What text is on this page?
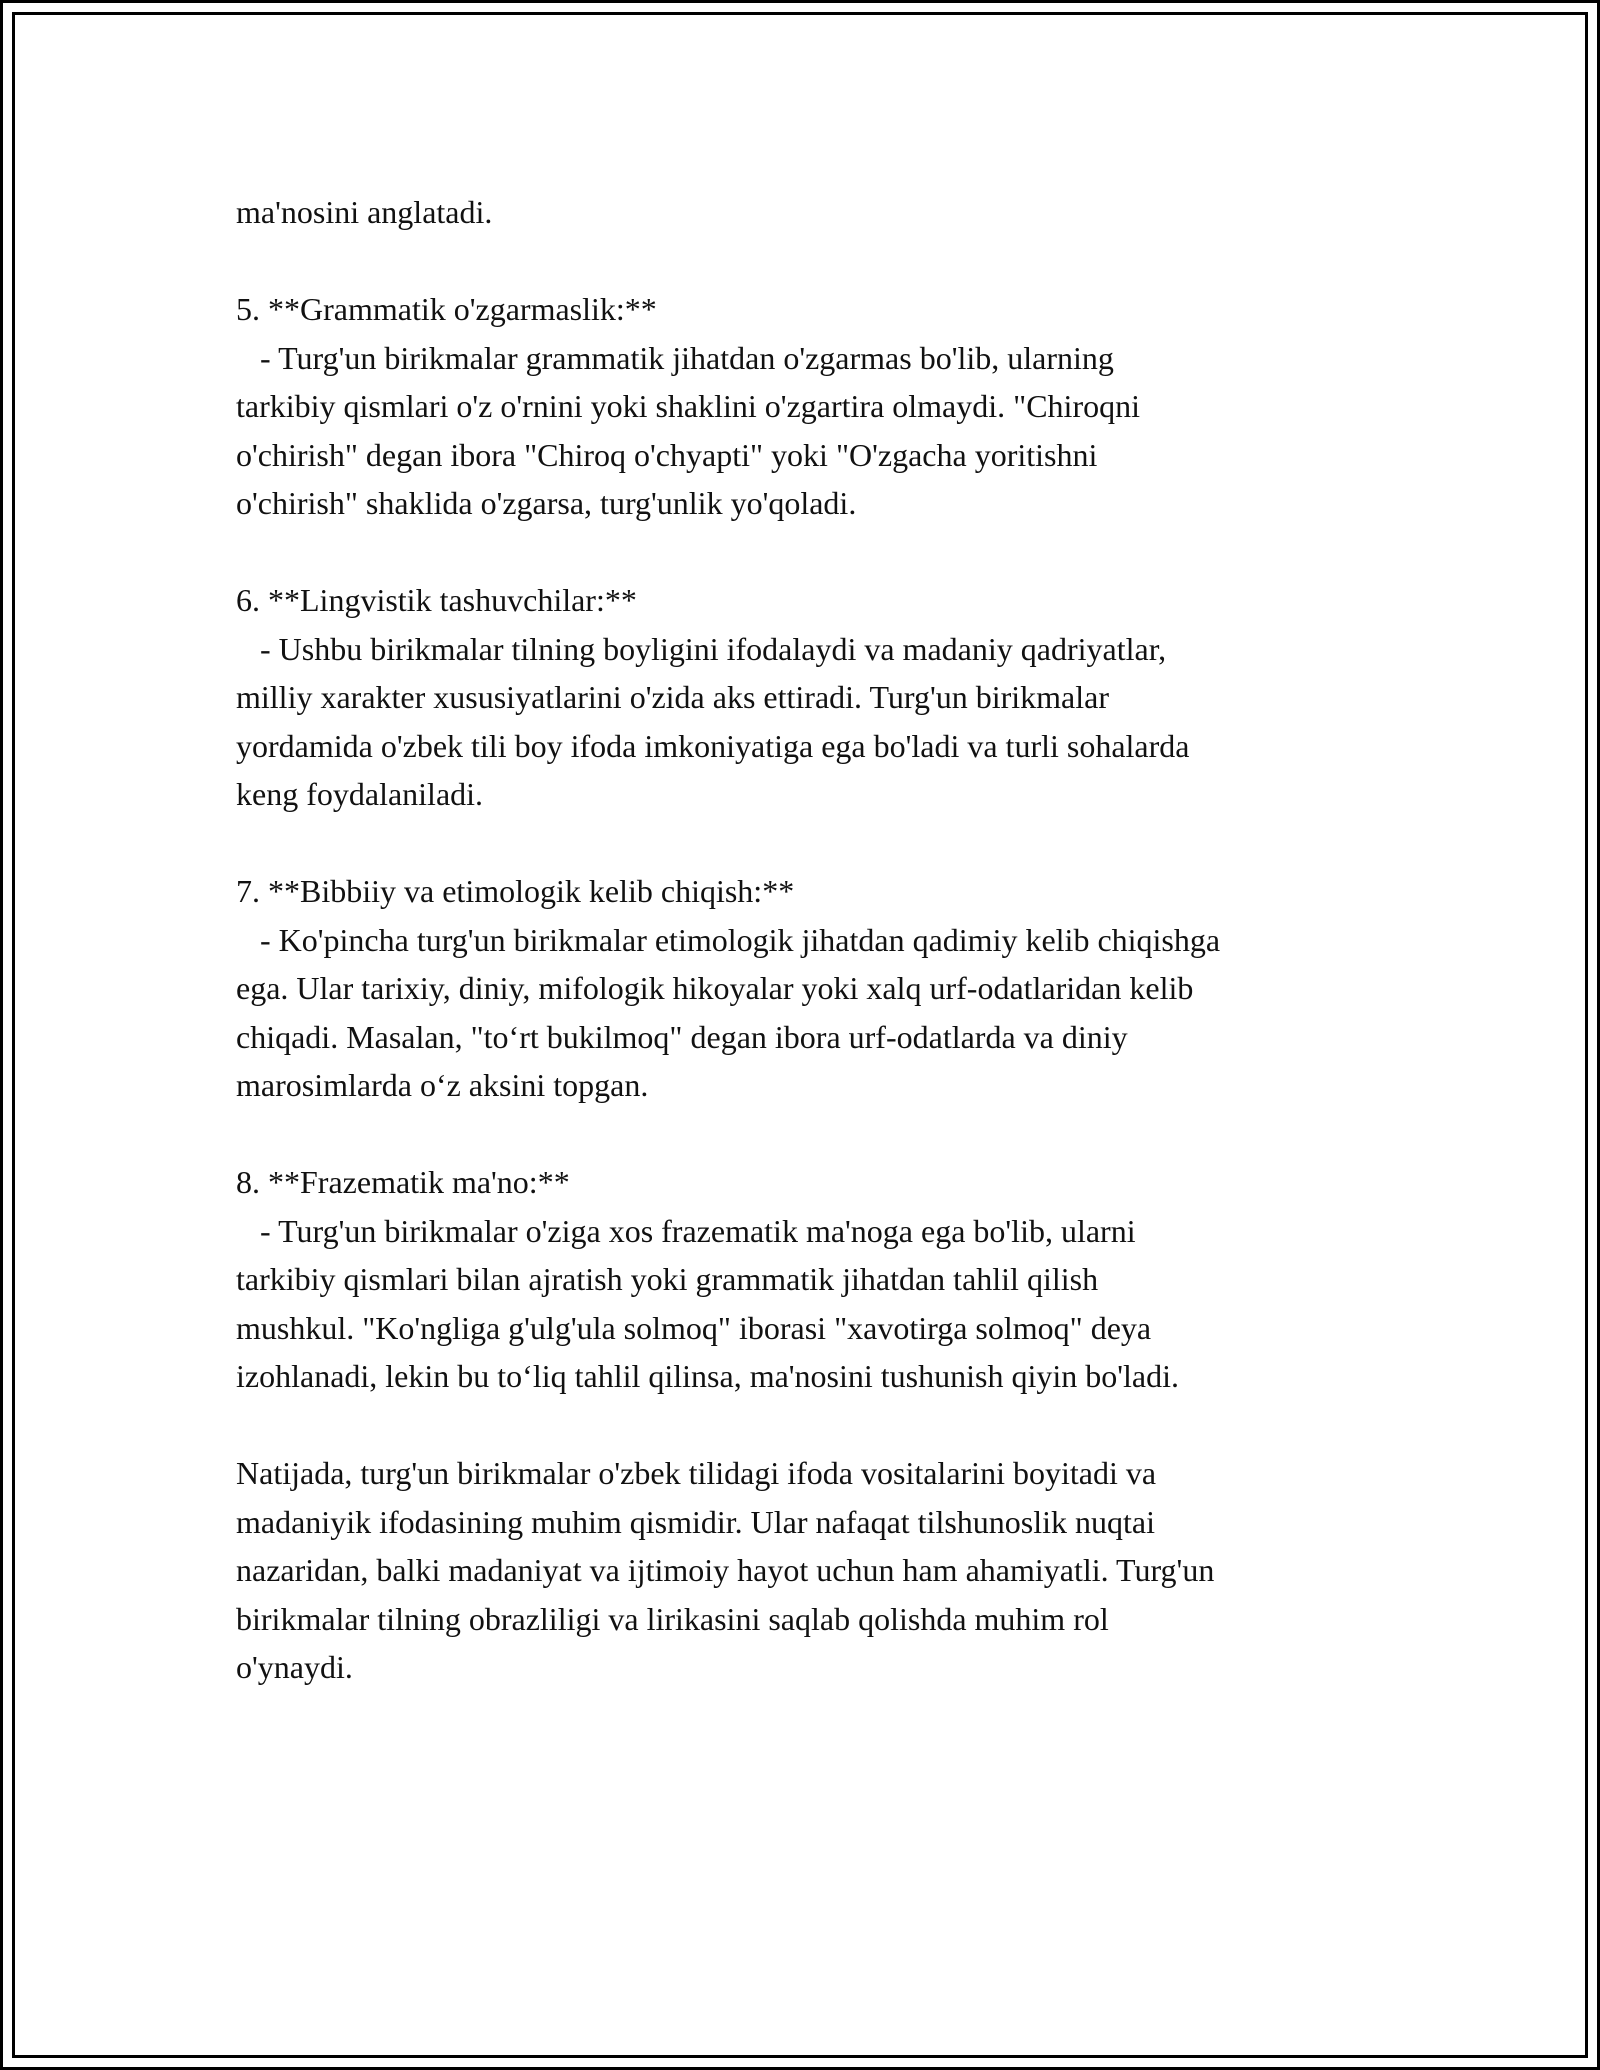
ma'nosini anglatadi.
5. **Grammatik o'zgarmaslik:**
- Turg'un birikmalar grammatik jihatdan o'zgarmas bo'lib, ularning
tarkibiy qismlari o'z o'rnini yoki shaklini o'zgartira olmaydi. "Chiroqni
o'chirish" degan ibora "Chiroq o'chyapti" yoki "O'zgacha yoritishni
o'chirish" shaklida o'zgarsa, turg'unlik yo'qoladi.
6. **Lingvistik tashuvchilar:**
- Ushbu birikmalar tilning boyligini ifodalaydi va madaniy qadriyatlar,
milliy xarakter xususiyatlarini o'zida aks ettiradi. Turg'un birikmalar
yordamida o'zbek tili boy ifoda imkoniyatiga ega bo'ladi va turli sohalarda
keng foydalaniladi.
7. **Bibbiiy va etimologik kelib chiqish:**
- Ko'pincha turg'un birikmalar etimologik jihatdan qadimiy kelib chiqishga
ega. Ular tarixiy, diniy, mifologik hikoyalar yoki xalq urf-odatlaridan kelib
chiqadi. Masalan, "to‘rt bukilmoq" degan ibora urf-odatlarda va diniy
marosimlarda o‘z aksini topgan.
8. **Frazematik ma'no:**
- Turg'un birikmalar o'ziga xos frazematik ma'noga ega bo'lib, ularni
tarkibiy qismlari bilan ajratish yoki grammatik jihatdan tahlil qilish
mushkul. "Ko'ngliga g'ulg'ula solmoq" iborasi "xavotirga solmoq" deya
izohlanadi, lekin bu to‘liq tahlil qilinsa, ma'nosini tushunish qiyin bo'ladi.
Natijada, turg'un birikmalar o'zbek tilidagi ifoda vositalarini boyitadi va
madaniyik ifodasining muhim qismidir. Ular nafaqat tilshunoslik nuqtai
nazaridan, balki madaniyat va ijtimoiy hayot uchun ham ahamiyatli. Turg'un
birikmalar tilning obrazliligi va lirikasini saqlab qolishda muhim rol
o'ynaydi.
